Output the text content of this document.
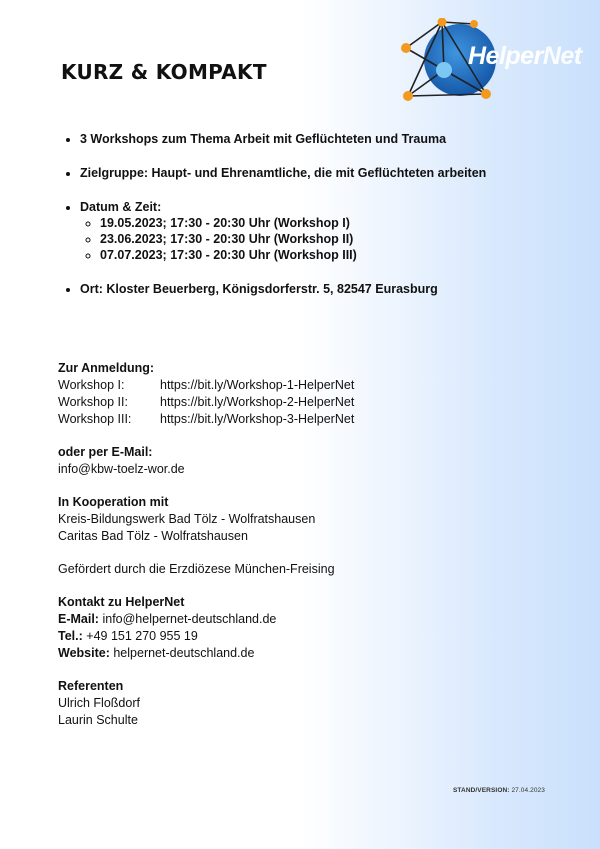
KURZ & KOMPAKT
HelperNet
• 3 Workshops zum Thema Arbeit mit Geflüchteten und Trauma
• Zielgruppe: Haupt- und Ehrenamtliche, die mit Geflüchteten arbeiten
• Datum & Zeit:
◦ 19.05.2023; 17:30 - 20:30 Uhr (Workshop I)
◦ 23.06.2023; 17:30 - 20:30 Uhr (Workshop II)
◦ 07.07.2023; 17:30 - 20:30 Uhr (Workshop III)
• Ort: Kloster Beuerberg, Königsdorferstr. 5, 82547 Eurasburg
Zur Anmeldung:
Workshop I:	https://bit.ly/Workshop-1-HelperNet
Workshop II:	https://bit.ly/Workshop-2-HelperNet
Workshop III:	https://bit.ly/Workshop-3-HelperNet
oder per E-Mail:
info@kbw-toelz-wor.de
In Kooperation mit
Kreis-Bildungswerk Bad Tölz - Wolfratshausen
Caritas Bad Tölz - Wolfratshausen
Gefördert durch die Erzdiözese München-Freising
Kontakt zu HelperNet
E-Mail: info@helpernet-deutschland.de
Tel.: +49 151 270 955 19
Website: helpernet-deutschland.de
Referenten
Ulrich Floßdorf
Laurin Schulte
STAND/VERSION: 27.04.2023
